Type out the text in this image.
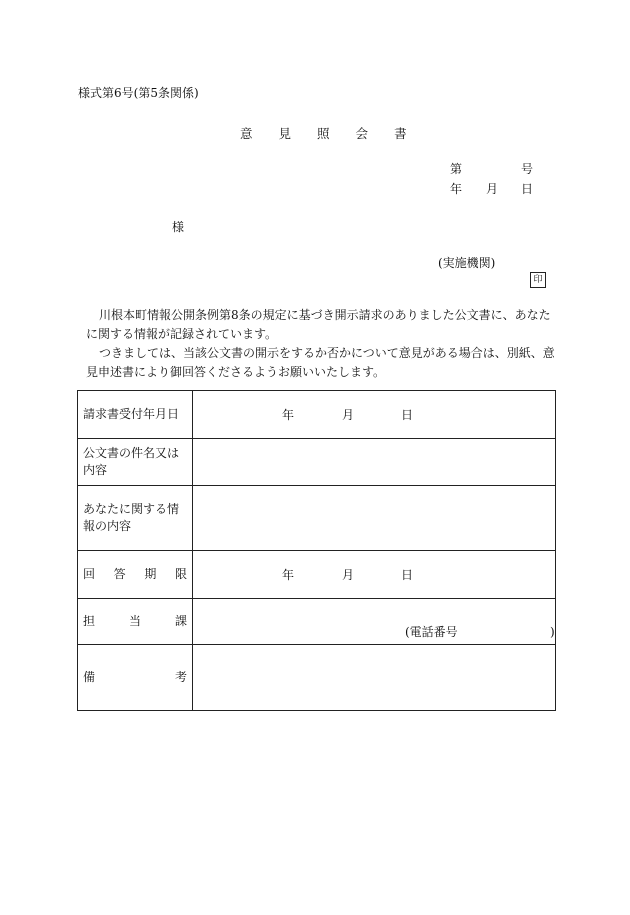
様式第6号(第5条関係)
意 見 照 会 書
第	号
年 月 日
様
(実施機関)
印

川根本町情報公開条例第8条の規定に基づき開示請求のありました公文書に、あなたに関する情報が記録されています。

つきましては、当該公文書の開示をするか否かについて意見がある場合は、別紙、意見申述書により御回答くださるようお願いいたします。

請求書受付年月日	年 月 日

公文書の件名又は内容	
あなたに関する情報の内容	

回 答 期 限	年 月 日

担 当 課	(電話番号 )

備 考	
